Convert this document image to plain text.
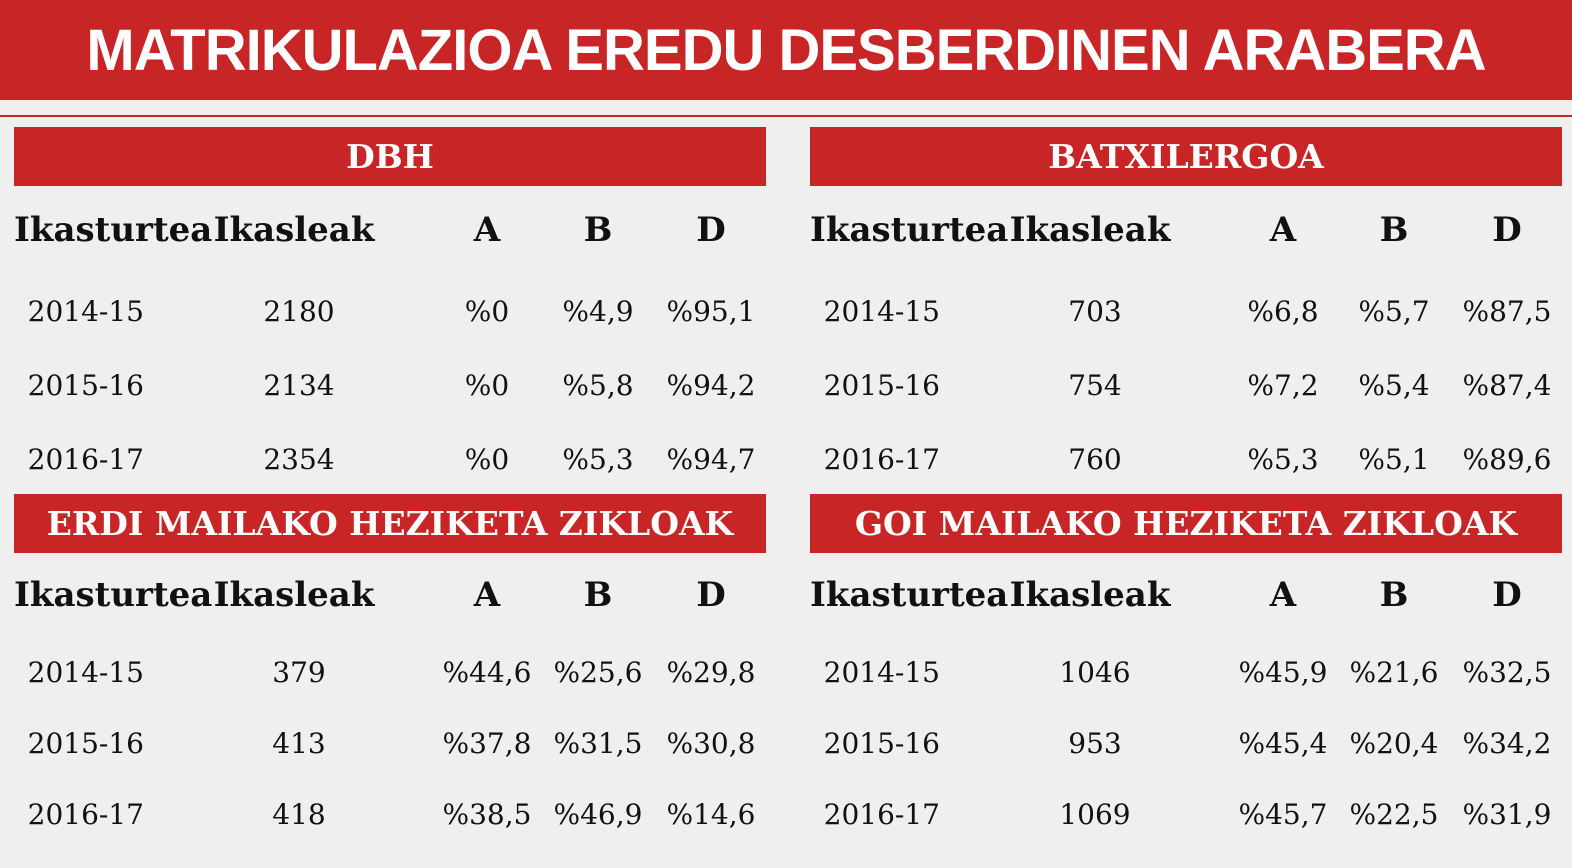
MATRIKULAZIOA EREDU DESBERDINEN ARABERA
DBH
Ikasturtea	Ikasleak	A	B	D
2014-15	2180	%0	%4,9	%95,1
2015-16	2134	%0	%5,8	%94,2
2016-17	2354	%0	%5,3	%94,7
BATXILERGOA
Ikasturtea	Ikasleak	A	B	D
2014-15	703	%6,8	%5,7	%87,5
2015-16	754	%7,2	%5,4	%87,4
2016-17	760	%5,3	%5,1	%89,6
ERDI MAILAKO HEZIKETA ZIKLOAK
Ikasturtea	Ikasleak	A	B	D
2014-15	379	%44,6	%25,6	%29,8
2015-16	413	%37,8	%31,5	%30,8
2016-17	418	%38,5	%46,9	%14,6
GOI MAILAKO HEZIKETA ZIKLOAK
Ikasturtea	Ikasleak	A	B	D
2014-15	1046	%45,9	%21,6	%32,5
2015-16	953	%45,4	%20,4	%34,2
2016-17	1069	%45,7	%22,5	%31,9
